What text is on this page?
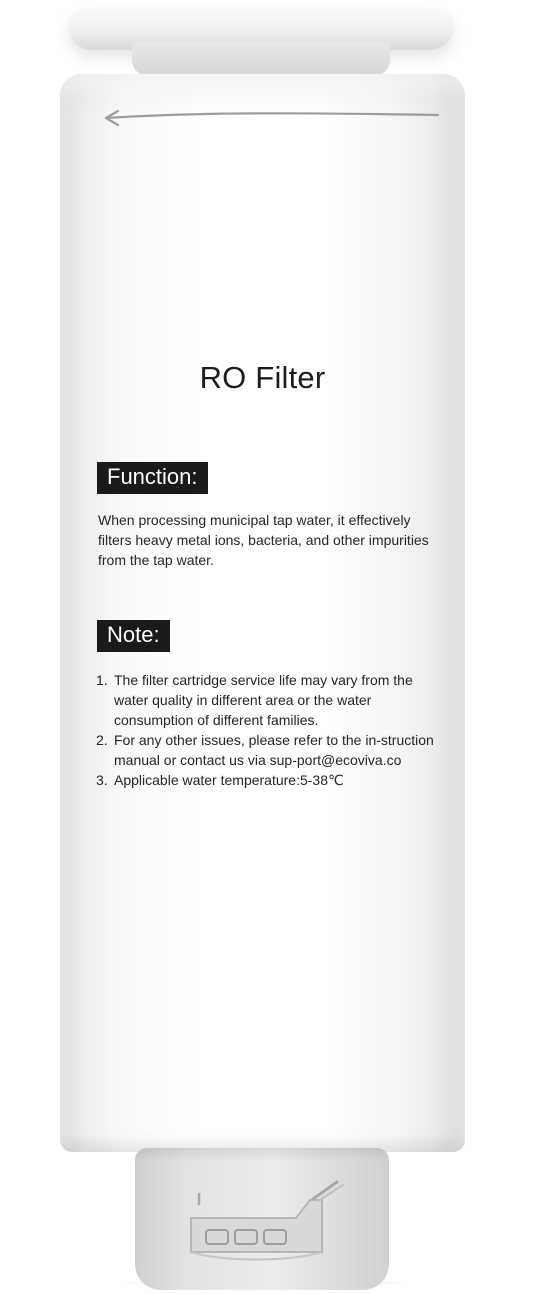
RO Filter
Function:

When processing municipal tap water, it effectively filters heavy metal ions, bacteria, and other impurities from the tap water.

Note:
1. The filter cartridge service life may vary from the water quality in different area or the water consumption of different families.
2. For any other issues, please refer to the in-struction manual or contact us via sup-port@ecoviva.co
3. Applicable water temperature:5-38℃
